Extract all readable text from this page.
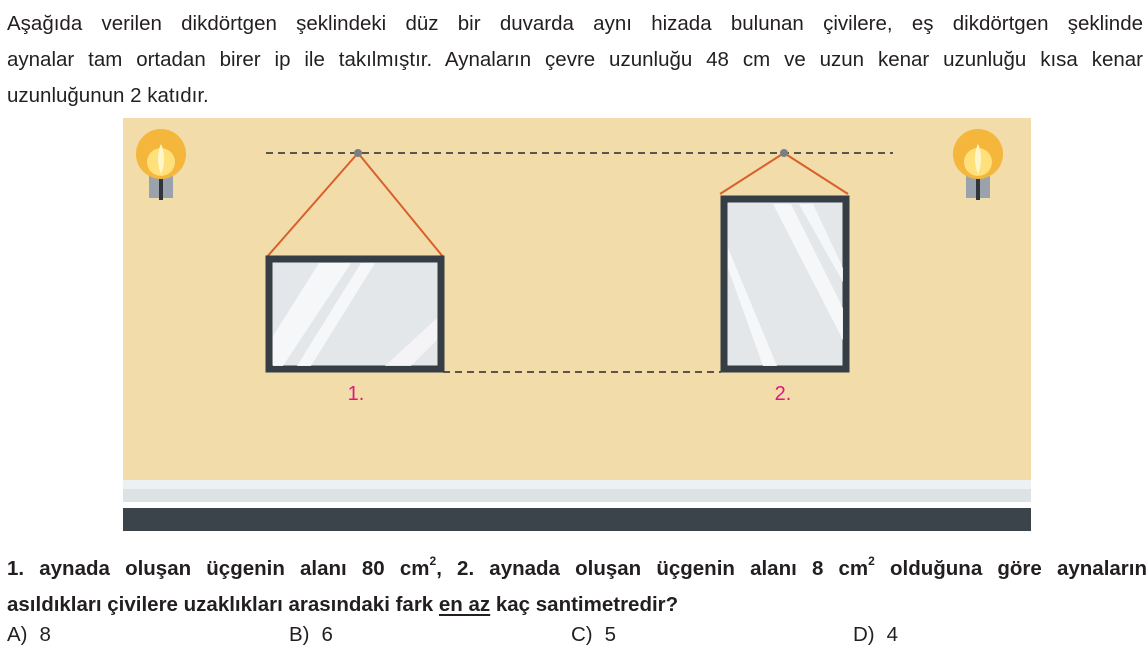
Aşağıda verilen dikdörtgen şeklindeki düz bir duvarda aynı hizada bulunan çivilere, eş dikdörtgen şeklinde
aynalar tam ortadan birer ip ile takılmıştır. Aynaların çevre uzunluğu 48 cm ve uzun kenar uzunluğu kısa kenar
uzunluğunun 2 katıdır.
1.	2.
1. aynada oluşan üçgenin alanı 80 $cm^2$, 2. aynada oluşan üçgenin alanı 8 $cm^2$ olduğuna göre aynaların
asıldıkları çivilere uzaklıkları arasındaki fark en az kaç santimetredir?
A) 8	B) 6	C) 5	D) 4
